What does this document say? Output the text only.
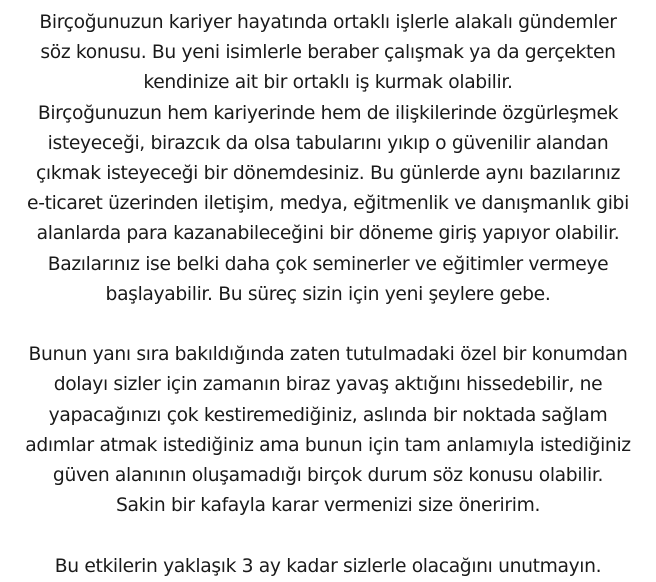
Birçoğunuzun kariyer hayatında ortaklı işlerle alakalı gündemler
söz konusu. Bu yeni isimlerle beraber çalışmak ya da gerçekten
kendinize ait bir ortaklı iş kurmak olabilir.
Birçoğunuzun hem kariyerinde hem de ilişkilerinde özgürleşmek
isteyeceği, birazcık da olsa tabularını yıkıp o güvenilir alandan
çıkmak isteyeceği bir dönemdesiniz. Bu günlerde aynı bazılarınız
e-ticaret üzerinden iletişim, medya, eğitmenlik ve danışmanlık gibi
alanlarda para kazanabileceğini bir döneme giriş yapıyor olabilir.
Bazılarınız ise belki daha çok seminerler ve eğitimler vermeye
başlayabilir. Bu süreç sizin için yeni şeylere gebe.
Bunun yanı sıra bakıldığında zaten tutulmadaki özel bir konumdan
dolayı sizler için zamanın biraz yavaş aktığını hissedebilir, ne
yapacağınızı çok kestiremediğiniz, aslında bir noktada sağlam
adımlar atmak istediğiniz ama bunun için tam anlamıyla istediğiniz
güven alanının oluşamadığı birçok durum söz konusu olabilir.
Sakin bir kafayla karar vermenizi size öneririm.
Bu etkilerin yaklaşık 3 ay kadar sizlerle olacağını unutmayın.
